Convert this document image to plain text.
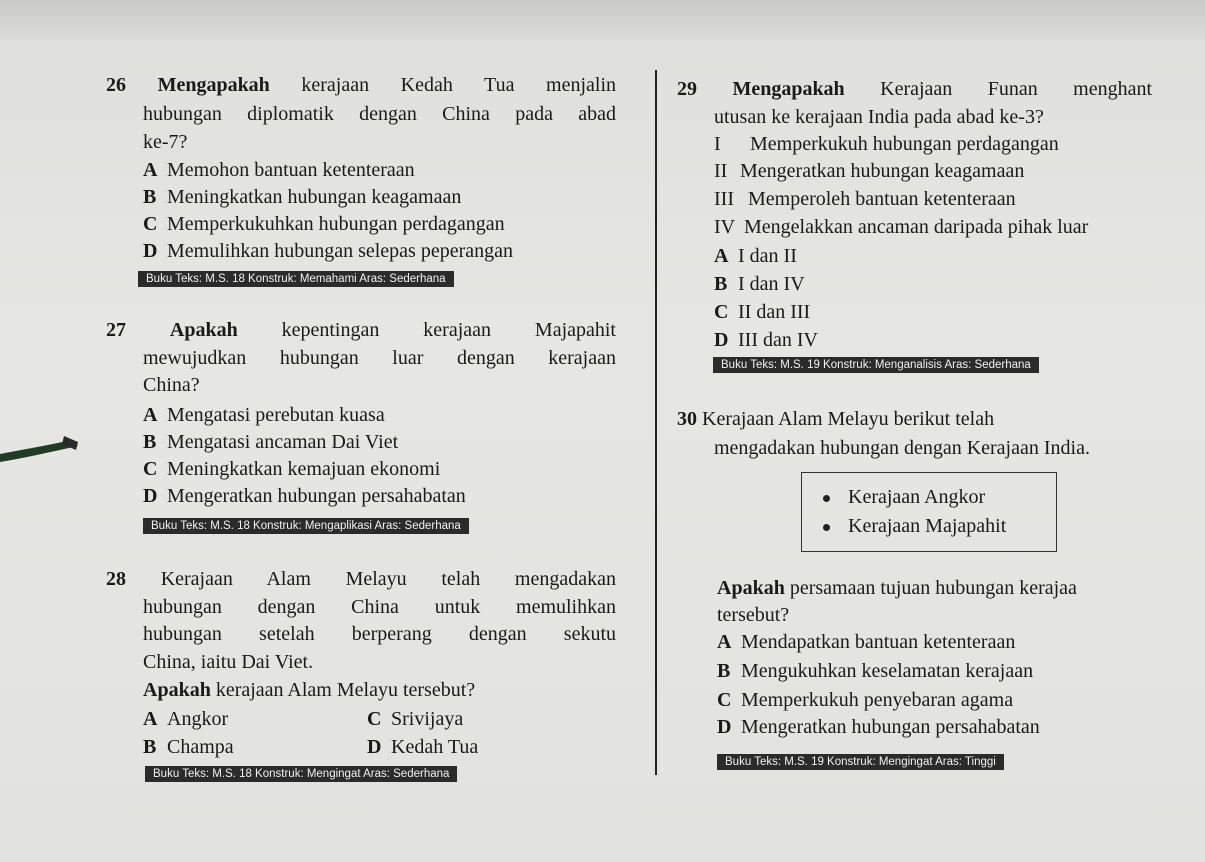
26 Mengapakah kerajaan Kedah Tua menjalin
hubungan diplomatik dengan China pada abad
ke-7?
A Memohon bantuan ketenteraan
B Meningkatkan hubungan keagamaan
C Memperkukuhkan hubungan perdagangan
D Memulihkan hubungan selepas peperangan
Buku Teks: M.S. 18 Konstruk: Memahami Aras: Sederhana
27 Apakah kepentingan kerajaan Majapahit
mewujudkan hubungan luar dengan kerajaan
China?
A Mengatasi perebutan kuasa
B Mengatasi ancaman Dai Viet
C Meningkatkan kemajuan ekonomi
D Mengeratkan hubungan persahabatan
Buku Teks: M.S. 18 Konstruk: Mengaplikasi Aras: Sederhana
28 Kerajaan Alam Melayu telah mengadakan
hubungan dengan China untuk memulihkan
hubungan setelah berperang dengan sekutu
China, iaitu Dai Viet.
Apakah kerajaan Alam Melayu tersebut?
A Angkor
B Champa
C Srivijaya
D Kedah Tua
Buku Teks: M.S. 18 Konstruk: Mengingat Aras: Sederhana
29 Mengapakah Kerajaan Funan menghant
utusan ke kerajaan India pada abad ke-3?
I Memperkukuh hubungan perdagangan
II Mengeratkan hubungan keagamaan
III Memperoleh bantuan ketenteraan
IV Mengelakkan ancaman daripada pihak luar
A I dan II
B I dan IV
C II dan III
D III dan IV
Buku Teks: M.S. 19 Konstruk: Menganalisis Aras: Sederhana
30 Kerajaan Alam Melayu berikut telah
mengadakan hubungan dengan Kerajaan India.
Kerajaan Angkor
Kerajaan Majapahit
Apakah persamaan tujuan hubungan kerajaa
tersebut?
A Mendapatkan bantuan ketenteraan
B Mengukuhkan keselamatan kerajaan
C Memperkukuh penyebaran agama
D Mengeratkan hubungan persahabatan
Buku Teks: M.S. 19 Konstruk: Mengingat Aras: Tinggi
